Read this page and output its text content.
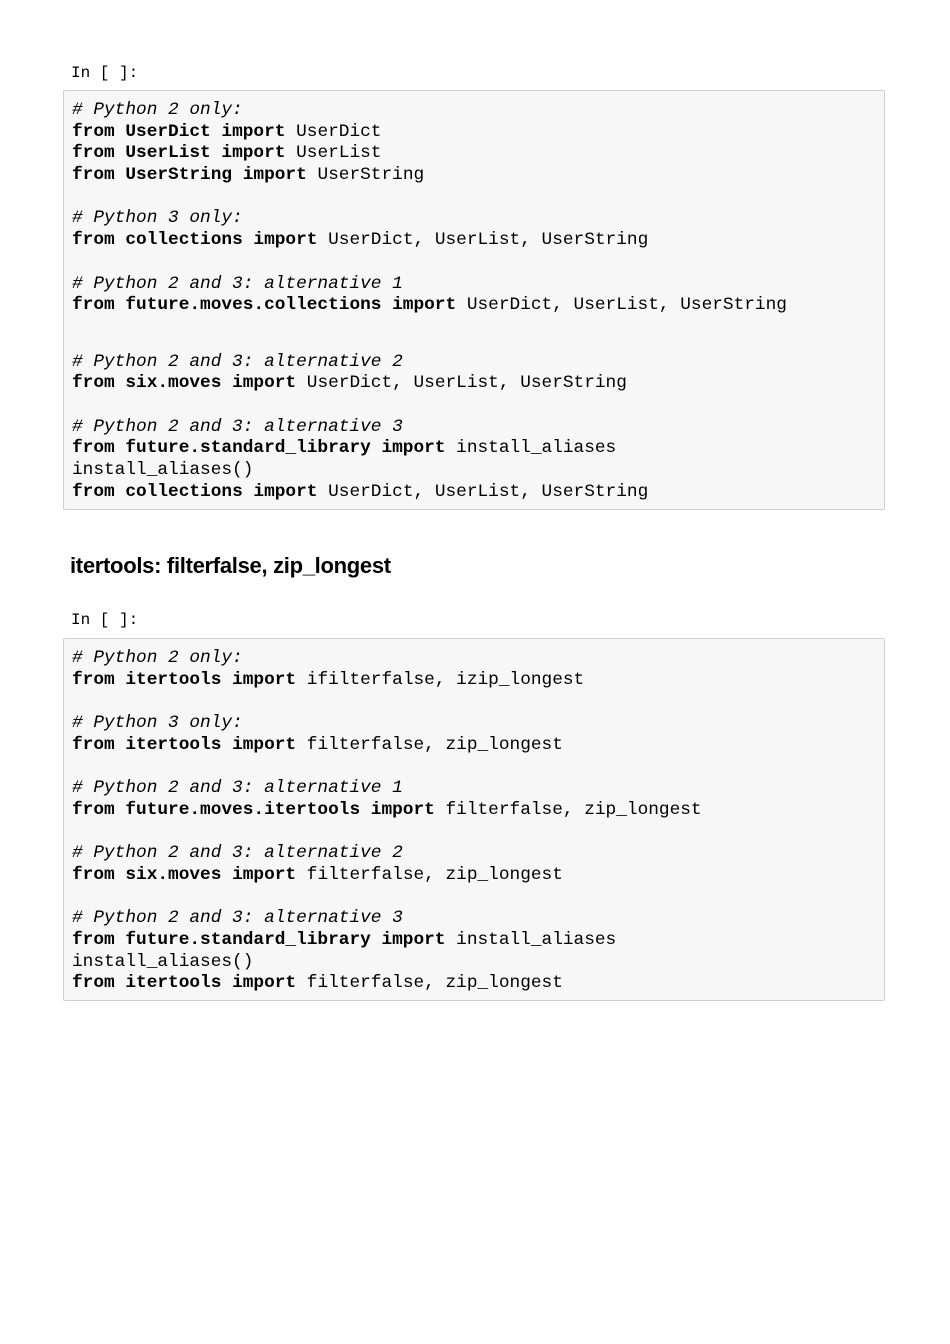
In [ ]:
# Python 2 only:
from UserDict import UserDict
from UserList import UserList
from UserString import UserString
# Python 3 only:
from collections import UserDict, UserList, UserString
# Python 2 and 3: alternative 1
from future.moves.collections import UserDict, UserList, UserString
# Python 2 and 3: alternative 2
from six.moves import UserDict, UserList, UserString
# Python 2 and 3: alternative 3
from future.standard_library import install_aliases
install_aliases()
from collections import UserDict, UserList, UserString
itertools: filterfalse, zip_longest
In [ ]:
# Python 2 only:
from itertools import ifilterfalse, izip_longest
# Python 3 only:
from itertools import filterfalse, zip_longest
# Python 2 and 3: alternative 1
from future.moves.itertools import filterfalse, zip_longest
# Python 2 and 3: alternative 2
from six.moves import filterfalse, zip_longest
# Python 2 and 3: alternative 3
from future.standard_library import install_aliases
install_aliases()
from itertools import filterfalse, zip_longest
